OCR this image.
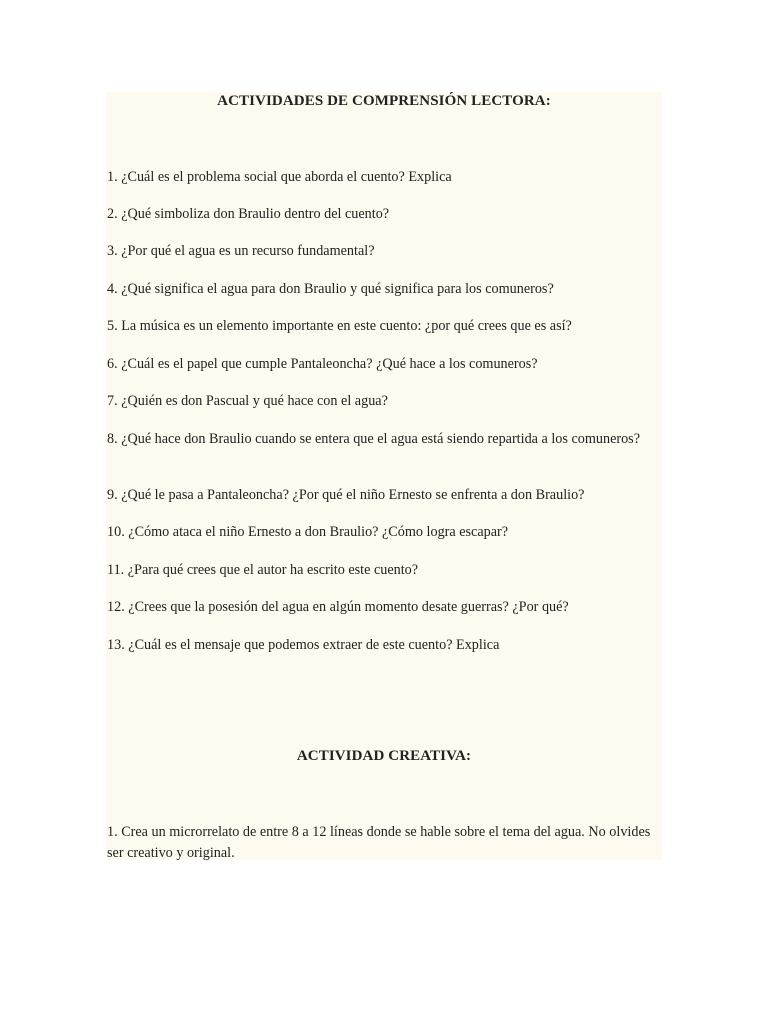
ACTIVIDADES DE COMPRENSIÓN LECTORA:
1. ¿Cuál es el problema social que aborda el cuento? Explica
2. ¿Qué simboliza don Braulio dentro del cuento?
3. ¿Por qué el agua es un recurso fundamental?
4. ¿Qué significa el agua para don Braulio y qué significa para los comuneros?
5. La música es un elemento importante en este cuento: ¿por qué crees que es así?
6. ¿Cuál es el papel que cumple Pantaleoncha? ¿Qué hace a los comuneros?
7. ¿Quién es don Pascual y qué hace con el agua?
8. ¿Qué hace don Braulio cuando se entera que el agua está siendo repartida a los comuneros?
9. ¿Qué le pasa a Pantaleoncha? ¿Por qué el niño Ernesto se enfrenta a don Braulio?
10. ¿Cómo ataca el niño Ernesto a don Braulio? ¿Cómo logra escapar?
11. ¿Para qué crees que el autor ha escrito este cuento?
12. ¿Crees que la posesión del agua en algún momento desate guerras? ¿Por qué?
13. ¿Cuál es el mensaje que podemos extraer de este cuento? Explica
ACTIVIDAD CREATIVA:
1. Crea un microrrelato de entre 8 a 12 líneas donde se hable sobre el tema del agua. No olvides ser creativo y original.
